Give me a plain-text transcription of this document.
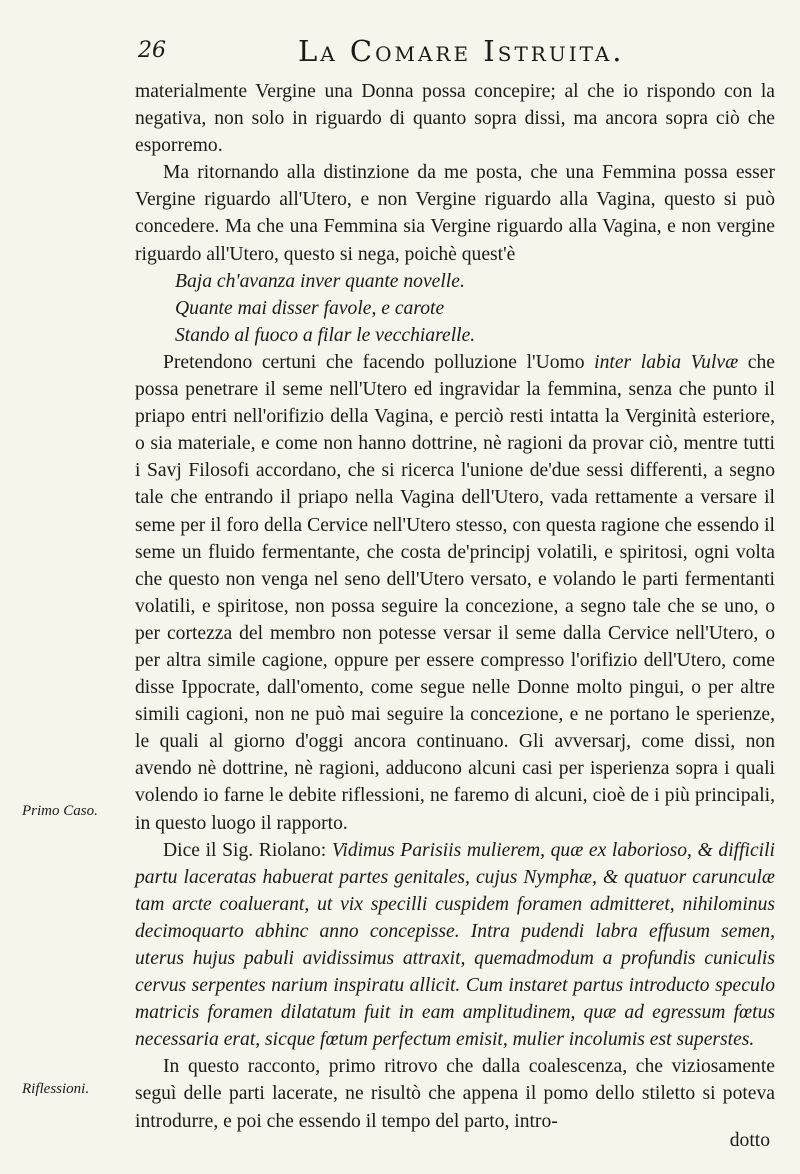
26	La Comare Istruita.

materialmente Vergine una Donna possa concepire; al che io rispondo con la negativa, non solo in riguardo di quanto sopra dissi, ma ancora sopra ciò che esporremo.

Ma ritornando alla distinzione da me posta, che una Femmina possa esser Vergine riguardo all'Utero, e non Vergine riguardo alla Vagina, questo si può concedere. Ma che una Femmina sia Vergine riguardo alla Vagina, e non vergine riguardo all'Utero, questo si nega, poichè quest'è

Baja ch'avanza inver quante novelle.
Quante mai disser favole, e carote
Stando al fuoco a filar le vecchiarelle.

Pretendono certuni che facendo polluzione l'Uomo inter labia Vulvæ che possa penetrare il seme nell'Utero ed ingravidar la femmina, senza che punto il priapo entri nell'orifizio della Vagina, e perciò resti intatta la Verginità esteriore, o sia materiale, e come non hanno dottrine, nè ragioni da provar ciò, mentre tutti i Savj Filosofi accordano, che si ricerca l'unione de'due sessi differenti, a segno tale che entrando il priapo nella Vagina dell'Utero, vada rettamente a versare il seme per il foro della Cervice nell'Utero stesso, con questa ragione che essendo il seme un fluido fermentante, che costa de'principj volatili, e spiritosi, ogni volta che questo non venga nel seno dell'Utero versato, e volando le parti fermentanti volatili, e spiritose, non possa seguire la concezione, a segno tale che se uno, o per cortezza del membro non potesse versar il seme dalla Cervice nell'Utero, o per altra simile cagione, oppure per essere compresso l'orifizio dell'Utero, come disse Ippocrate, dall'omento, come segue nelle Donne molto pingui, o per altre simili cagioni, non ne può mai seguire la concezione, e ne portano le sperienze, le quali al giorno d'oggi ancora continuano. Gli avversarj, come dissi, non avendo nè dottrine, nè ragioni, adducono alcuni casi per isperienza sopra i quali volendo io farne le debite riflessioni, ne faremo di alcuni, cioè de i più principali, in questo luogo il rapporto.

Dice il Sig. Riolano: Vidimus Parisiis mulierem, quæ ex laborioso, & difficili partu laceratas habuerat partes genitales, cujus Nymphæ, & quatuor carunculæ tam arcte coaluerant, ut vix specilli cuspidem foramen admitteret, nihilominus decimoquarto abhinc anno concepisse. Intra pudendi labra effusum semen, uterus hujus pabuli avidissimus attraxit, quemadmodum a profundis cuniculis cervus serpentes narium inspiratu allicit. Cum instaret partus introducto speculo matricis foramen dilatatum fuit in eam amplitudinem, quæ ad egressum fœtus necessaria erat, sicque fœtum perfectum emisit, mulier incolumis est superstes.

In questo racconto, primo ritrovo che dalla coalescenza, che viziosamente seguì delle parti lacerate, ne risultò che appena il pomo dello stiletto si poteva introdurre, e poi che essendo il tempo del parto, intro-

Primo Caso.
Riflessioni.
dotto
